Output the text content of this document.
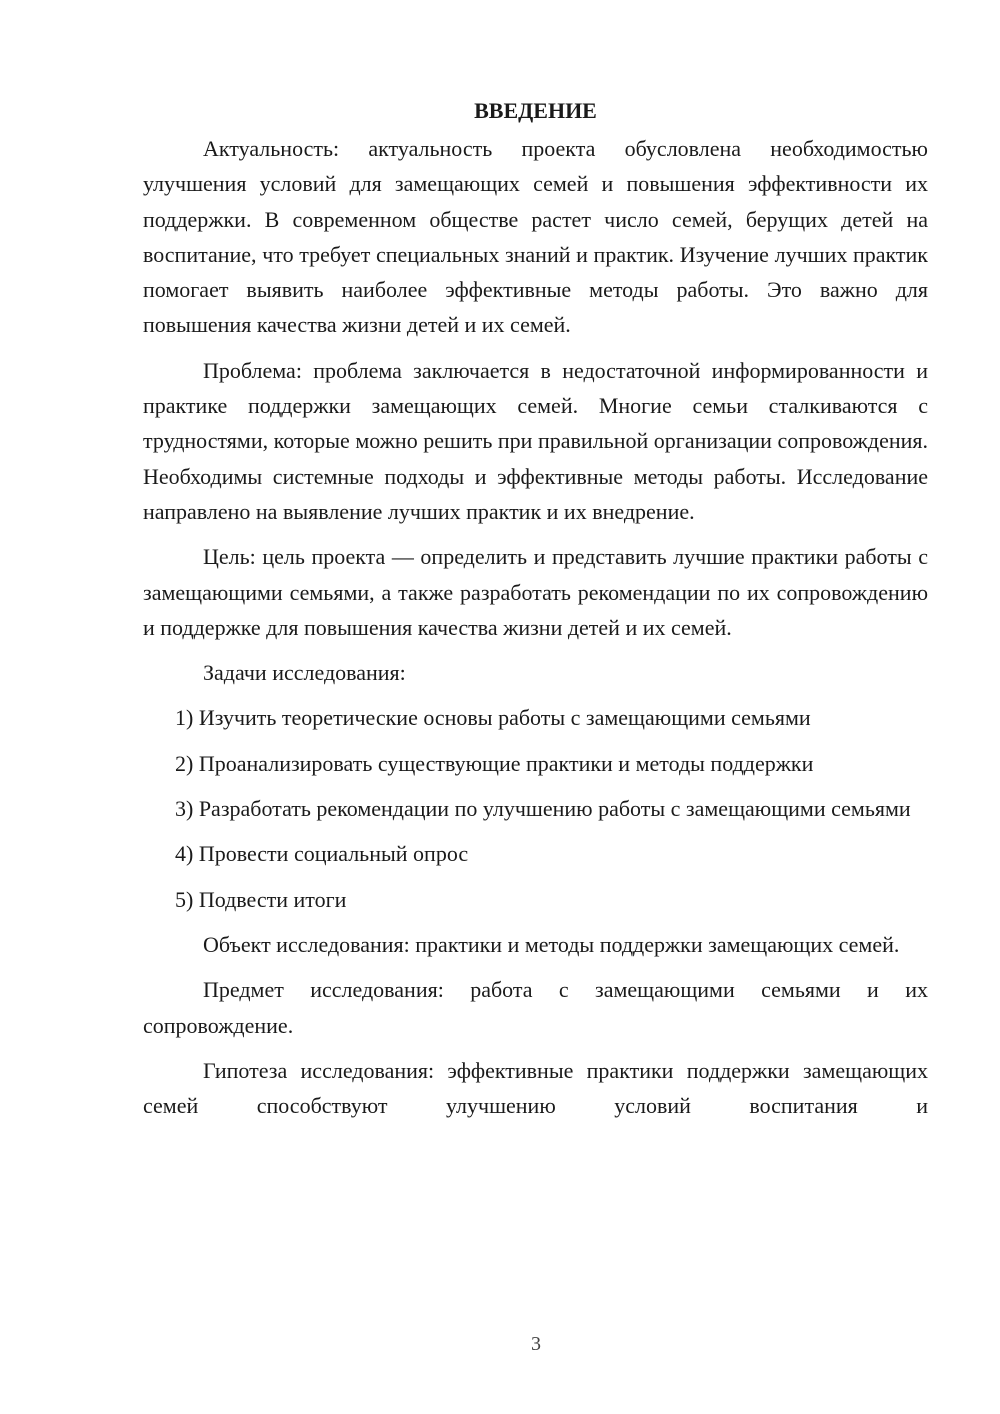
ВВЕДЕНИЕ

Актуальность: актуальность проекта обусловлена необходимостью улучшения условий для замещающих семей и повышения эффективности их поддержки. В современном обществе растет число семей, берущих детей на воспитание, что требует специальных знаний и практик. Изучение лучших практик помогает выявить наиболее эффективные методы работы. Это важно для повышения качества жизни детей и их семей.

Проблема: проблема заключается в недостаточной информированности и практике поддержки замещающих семей. Многие семьи сталкиваются с трудностями, которые можно решить при правильной организации сопровождения. Необходимы системные подходы и эффективные методы работы. Исследование направлено на выявление лучших практик и их внедрение.

Цель: цель проекта — определить и представить лучшие практики работы с замещающими семьями, а также разработать рекомендации по их сопровождению и поддержке для повышения качества жизни детей и их семей.

Задачи исследования:

1) Изучить теоретические основы работы с замещающими семьями

2) Проанализировать существующие практики и методы поддержки

3) Разработать рекомендации по улучшению работы с замещающими семьями

4) Провести социальный опрос

5) Подвести итоги

Объект исследования: практики и методы поддержки замещающих семей.

Предмет исследования: работа с замещающими семьями и их сопровождение.

Гипотеза исследования: эффективные практики поддержки замещающих семей способствуют улучшению условий воспитания и

3
